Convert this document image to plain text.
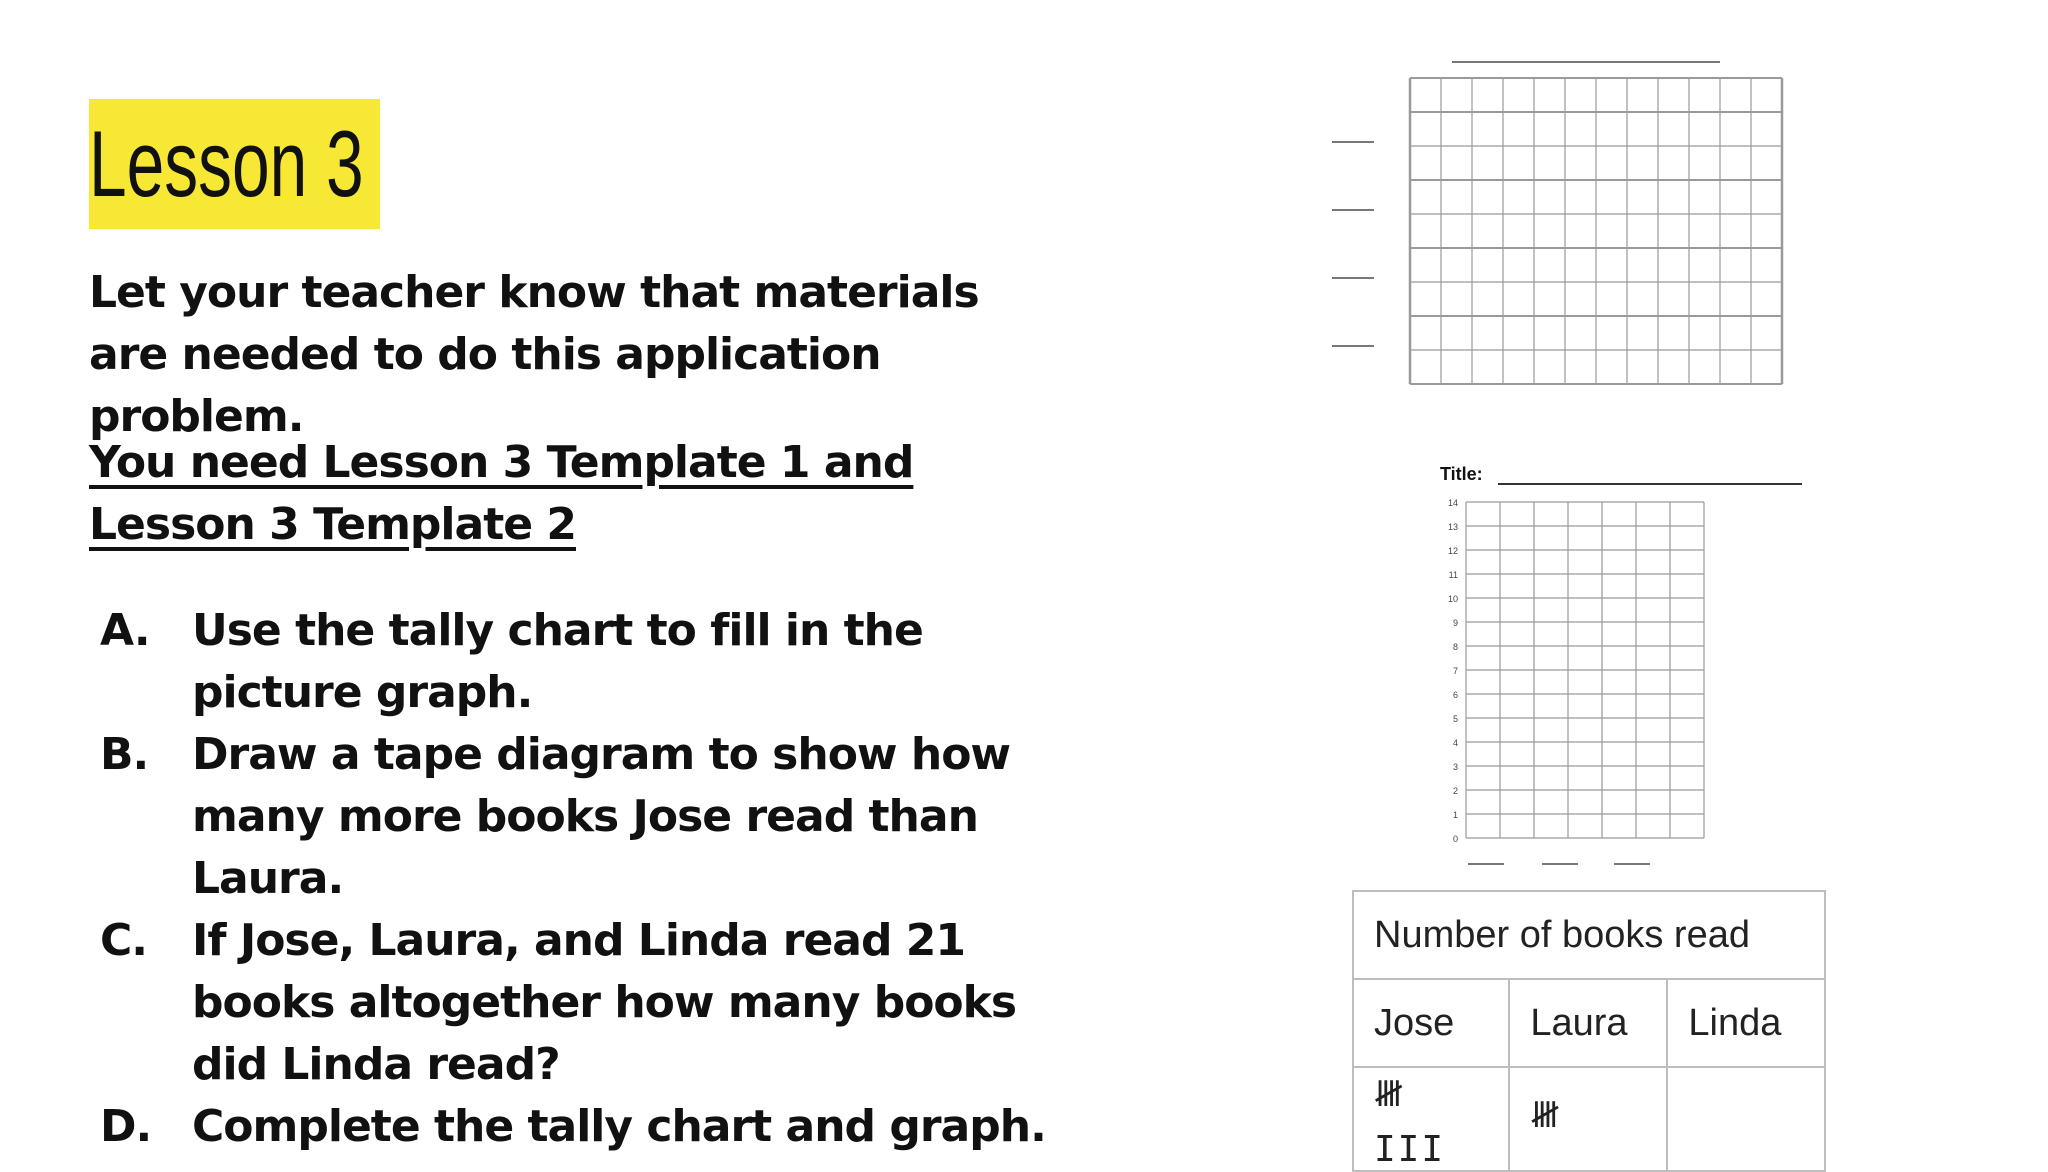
Lesson 3
Let your teacher know that materials are needed to do this application problem.
You need Lesson 3 Template 1 and Lesson 3 Template 2
A. Use the tally chart to fill in the picture graph.
B. Draw a tape diagram to show how many more books Jose read than Laura.
C. If Jose, Laura, and Linda read 21 books altogether how many books did Linda read?
D. Complete the tally chart and graph.
Title:
14
13
12
11
10
9
8
7
6
5
4
3
2
1
0
Number of books read		
Jose	Laura	Linda
𝍸 III	𝍸	
